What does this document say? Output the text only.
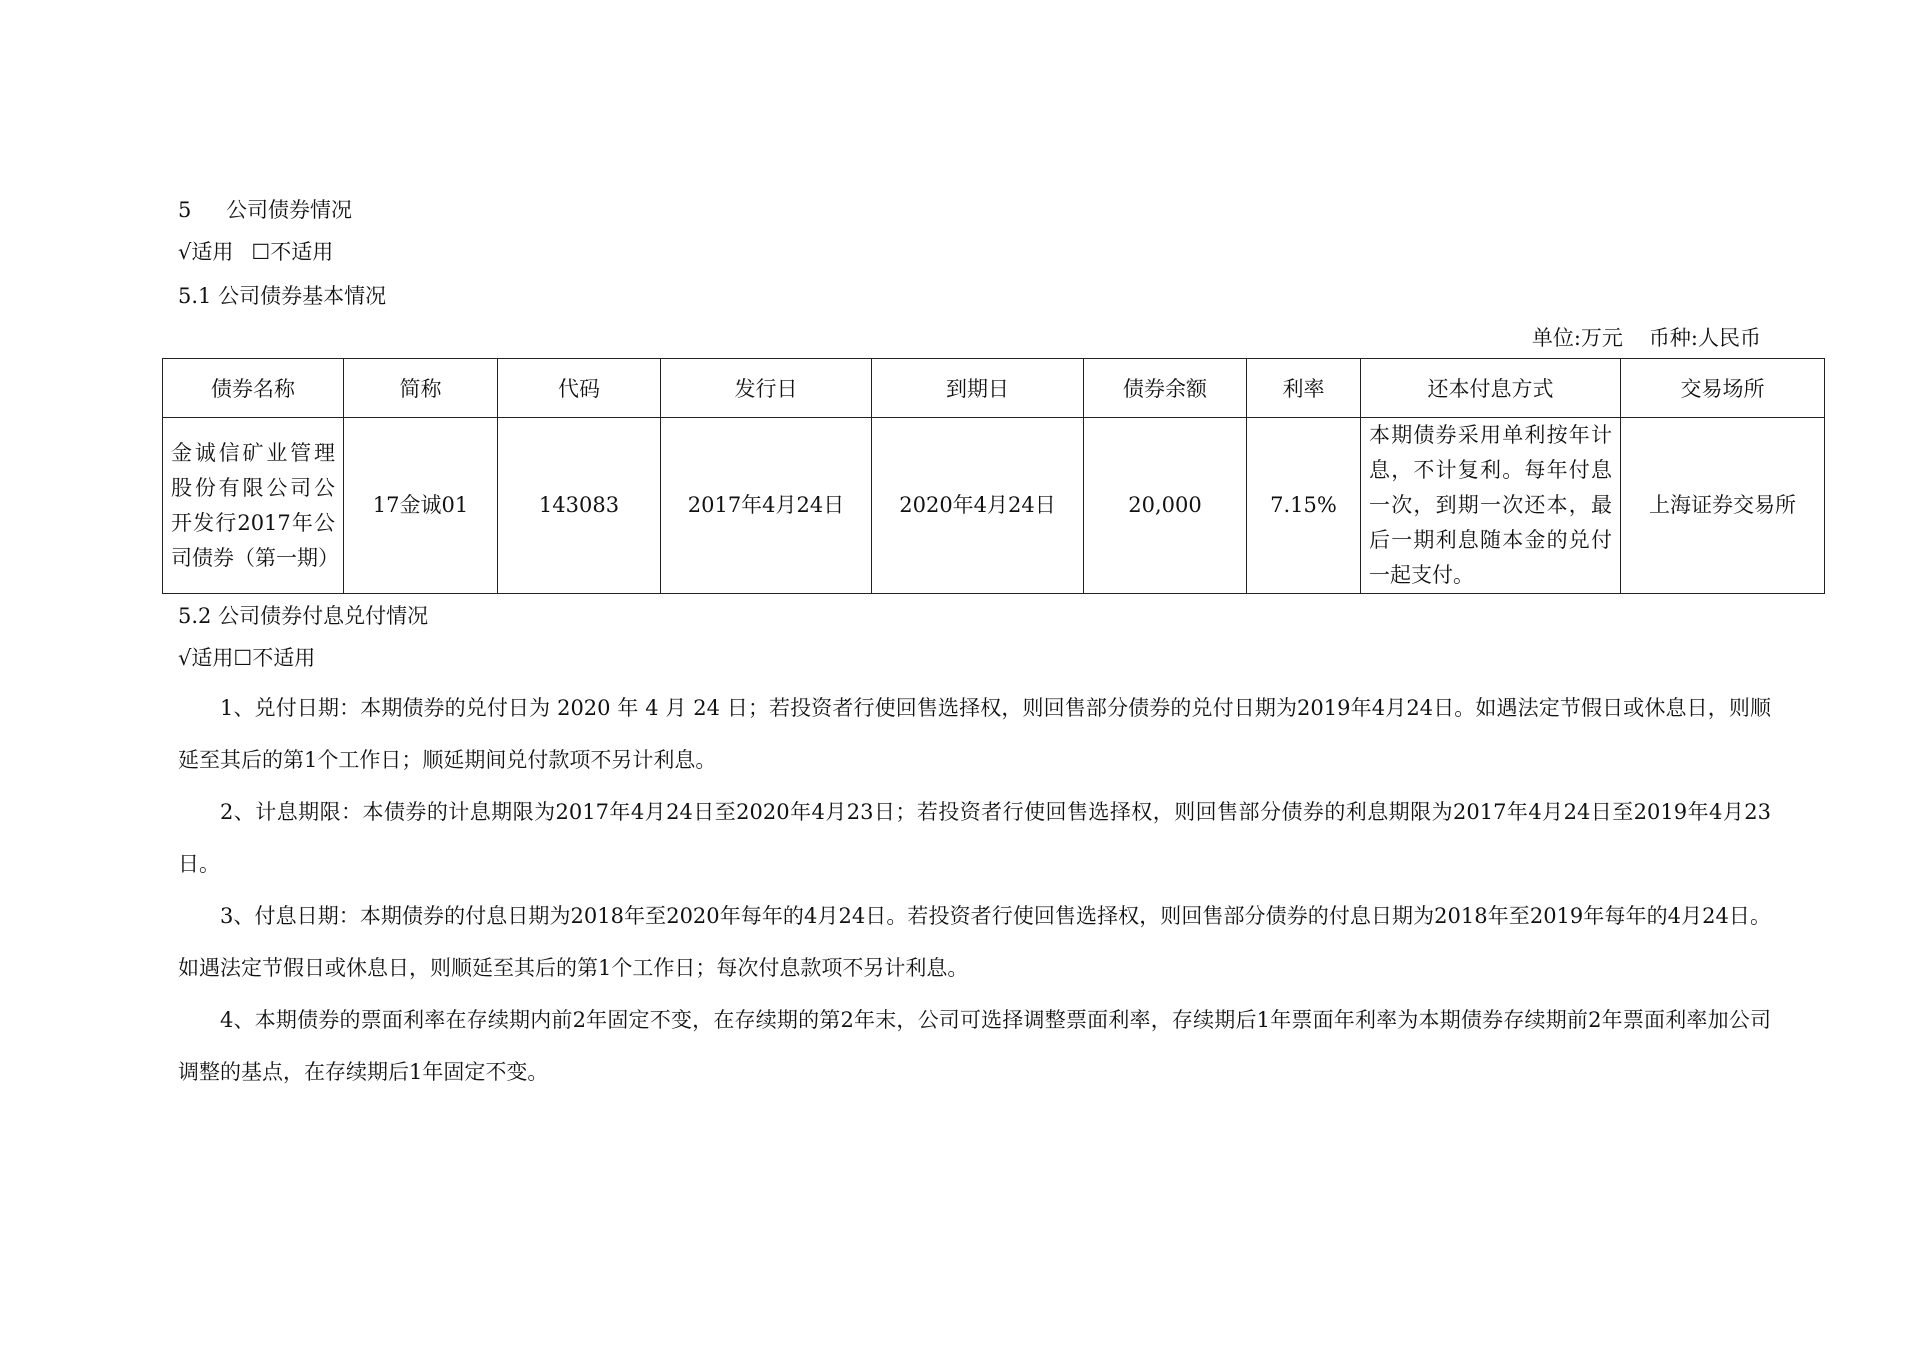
5	公司债券情况

√适用 ☐不适用

5.1 公司债券基本情况

单位:万元 币种:人民币

债券名称	简称	代码	发行日	到期日	债券余额	利率	还本付息方式	交易场所
金诚信矿业管理股份有限公司公开发行2017年公司债券（第一期）	17金诚01	143083	2017年4月24日	2020年4月24日	20,000	7.15%	本期债券采用单利按年计息，不计复利。每年付息一次，到期一次还本，最后一期利息随本金的兑付一起支付。	上海证券交易所

5.2 公司债券付息兑付情况

√适用☐不适用

1、兑付日期：本期债券的兑付日为 2020 年 4 月 24 日；若投资者行使回售选择权，则回售部分债券的兑付日期为2019年4月24日。如遇法定节假日或休息日，则顺延至其后的第1个工作日；顺延期间兑付款项不另计利息。

2、计息期限：本债券的计息期限为2017年4月24日至2020年4月23日；若投资者行使回售选择权，则回售部分债券的利息期限为2017年4月24日至2019年4月23日。

3、付息日期：本期债券的付息日期为2018年至2020年每年的4月24日。若投资者行使回售选择权，则回售部分债券的付息日期为2018年至2019年每年的4月24日。如遇法定节假日或休息日，则顺延至其后的第1个工作日；每次付息款项不另计利息。

4、本期债券的票面利率在存续期内前2年固定不变，在存续期的第2年末，公司可选择调整票面利率，存续期后1年票面年利率为本期债券存续期前2年票面利率加公司调整的基点，在存续期后1年固定不变。
